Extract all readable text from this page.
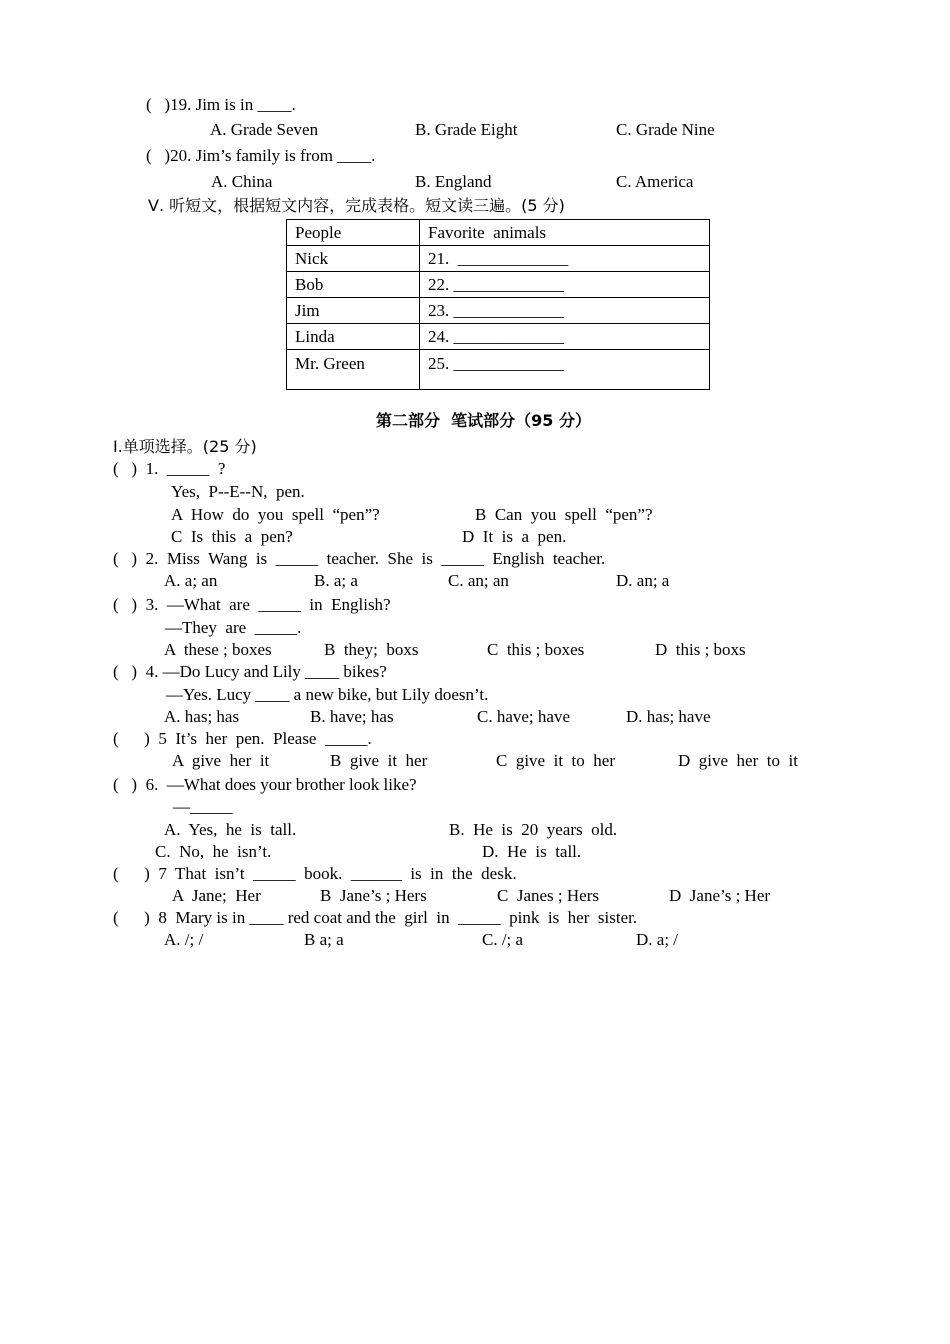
(   )19. Jim is in ____.
A. Grade Seven	B. Grade Eight	C. Grade Nine
(   )20. Jim’s family is from ____.
A. China	B. England	C. America
Ⅴ. 听短文，根据短文内容，完成表格。短文读三遍。(5 分)
People	Favorite  animals
Nick	21.  _____________
Bob	22. _____________
Jim	23. _____________
Linda	24. _____________
Mr. Green	25. _____________
第二部分  笔试部分（95 分）
I.单项选择。(25 分)
(   )  1.  _____  ?
Yes,  P--E--N,  pen.
A  How  do  you  spell  “pen”?	B  Can  you  spell  “pen”?
C  Is  this  a  pen?	D  It  is  a  pen.
(   )  2.  Miss  Wang  is  _____  teacher.  She  is  _____  English  teacher.
A. a; an	B. a; a	C. an; an	D. an; a
(   )  3.  —What  are  _____  in  English?
—They  are  _____.
A  these ; boxes	B  they;  boxs	C  this ; boxes	D  this ; boxs
(   )  4. —Do Lucy and Lily ____ bikes?
—Yes. Lucy ____ a new bike, but Lily doesn’t.
A. has; has	B. have; has	C. have; have	D. has; have
(      )  5  It’s  her  pen.  Please  _____.
A  give  her  it	B  give  it  her	C  give  it  to  her	D  give  her  to  it
(   )  6.  —What does your brother look like?
—_____
A.  Yes,  he  is  tall.	B.  He  is  20  years  old.
C.  No,  he  isn’t.	D.  He  is  tall.
(      )  7  That  isn’t  _____  book.  ______  is  in  the  desk.
A  Jane;  Her	B  Jane’s ; Hers	C  Janes ; Hers	D  Jane’s ; Her
(      )  8  Mary is in ____ red coat and the  girl  in  _____  pink  is  her  sister.
A. /; /	B a; a	C. /; a	D. a; /
